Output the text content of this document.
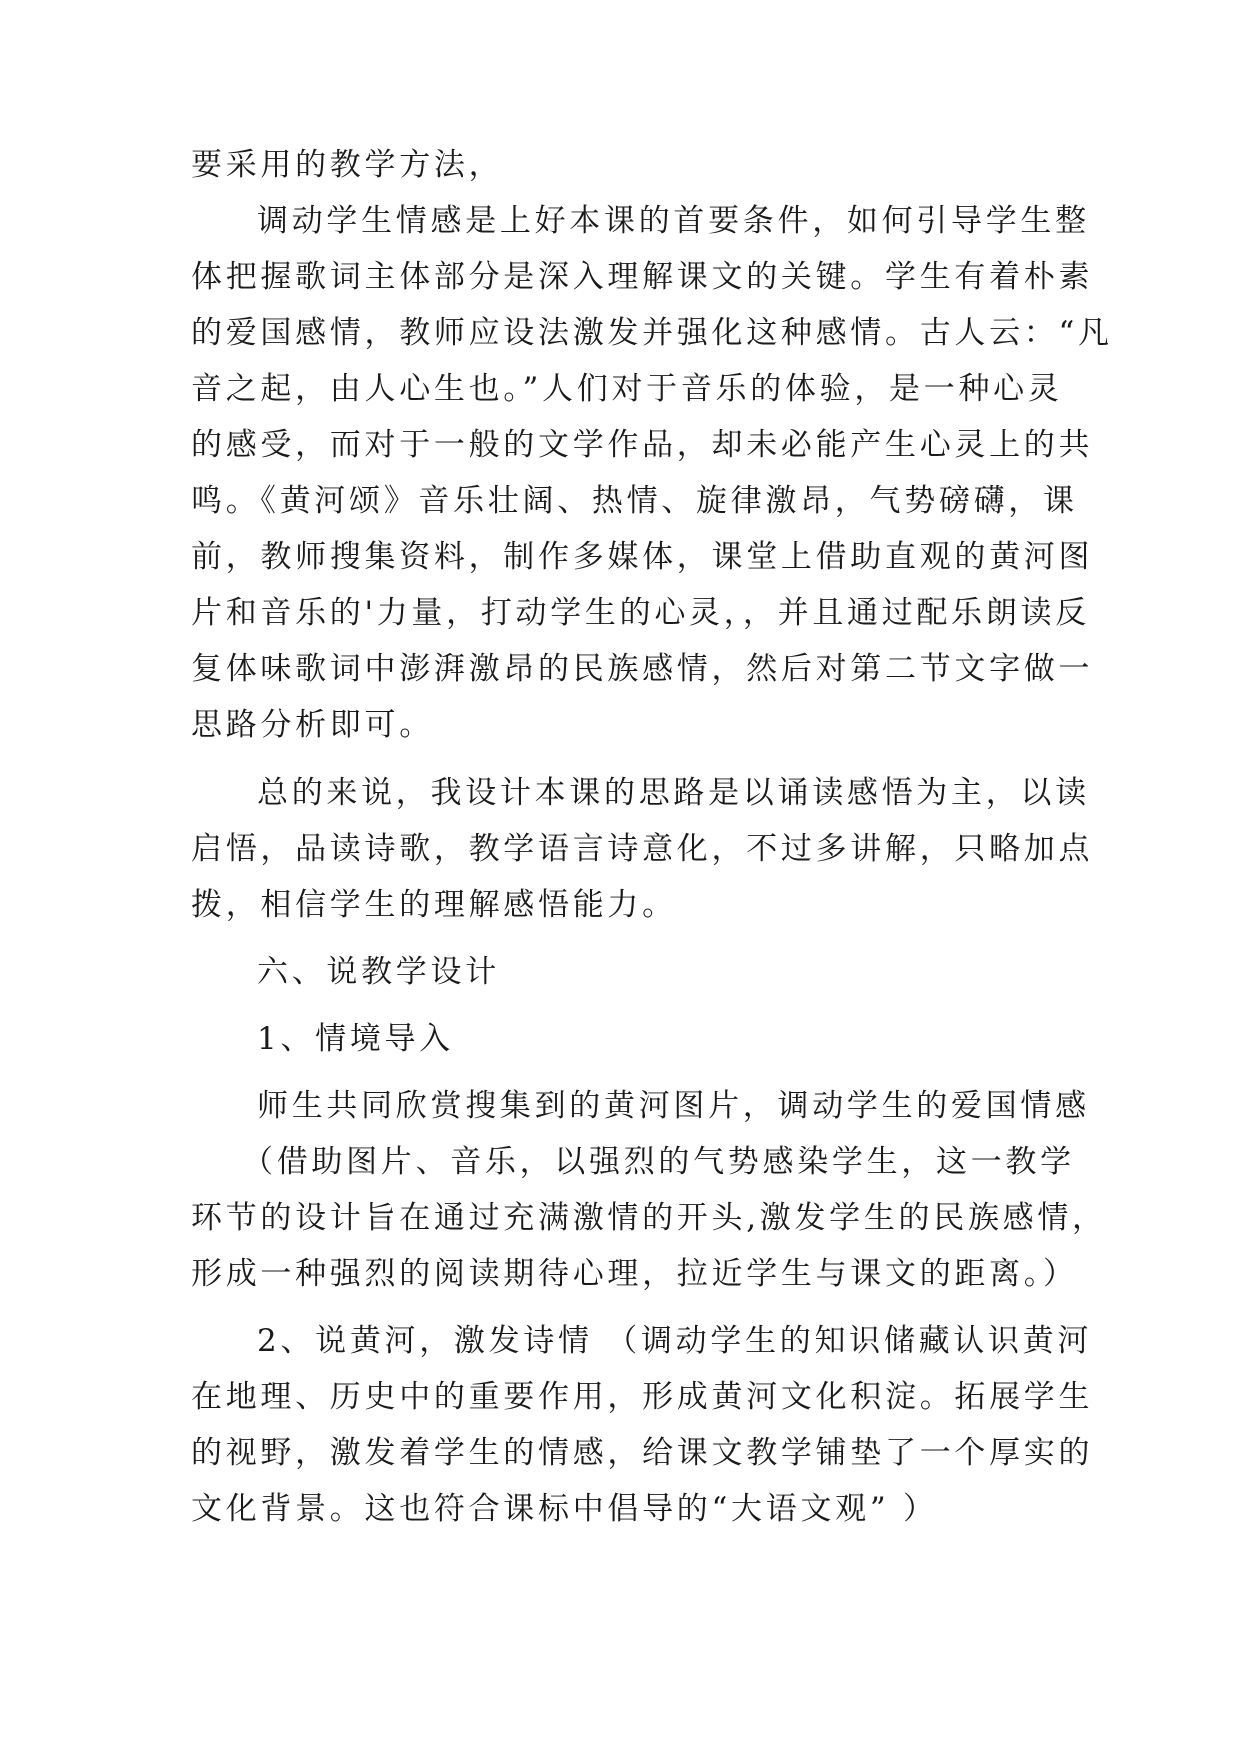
要采用的教学方法，
调动学生情感是上好本课的首要条件，如何引导学生整
体把握歌词主体部分是深入理解课文的关键。学生有着朴素
的爱国感情，教师应设法激发并强化这种感情。古人云：“凡
音之起，由人心生也。”人们对于音乐的体验，是一种心灵
的感受，而对于一般的文学作品，却未必能产生心灵上的共
鸣。《黄河颂》音乐壮阔、热情、旋律激昂，气势磅礴，课
前，教师搜集资料，制作多媒体，课堂上借助直观的黄河图
片和音乐的'力量，打动学生的心灵，，并且通过配乐朗读反
复体味歌词中澎湃激昂的民族感情，然后对第二节文字做一
思路分析即可。
总的来说，我设计本课的思路是以诵读感悟为主，以读
启悟，品读诗歌，教学语言诗意化，不过多讲解，只略加点
拨，相信学生的理解感悟能力。
六、说教学设计
1、情境导入
师生共同欣赏搜集到的黄河图片，调动学生的爱国情感
（借助图片、音乐，以强烈的气势感染学生，这一教学
环节的设计旨在通过充满激情的开头,激发学生的民族感情，
形成一种强烈的阅读期待心理，拉近学生与课文的距离。）
2、说黄河，激发诗情 （调动学生的知识储藏认识黄河
在地理、历史中的重要作用，形成黄河文化积淀。拓展学生
的视野，激发着学生的情感，给课文教学铺垫了一个厚实的
文化背景。这也符合课标中倡导的“大语文观” ）
